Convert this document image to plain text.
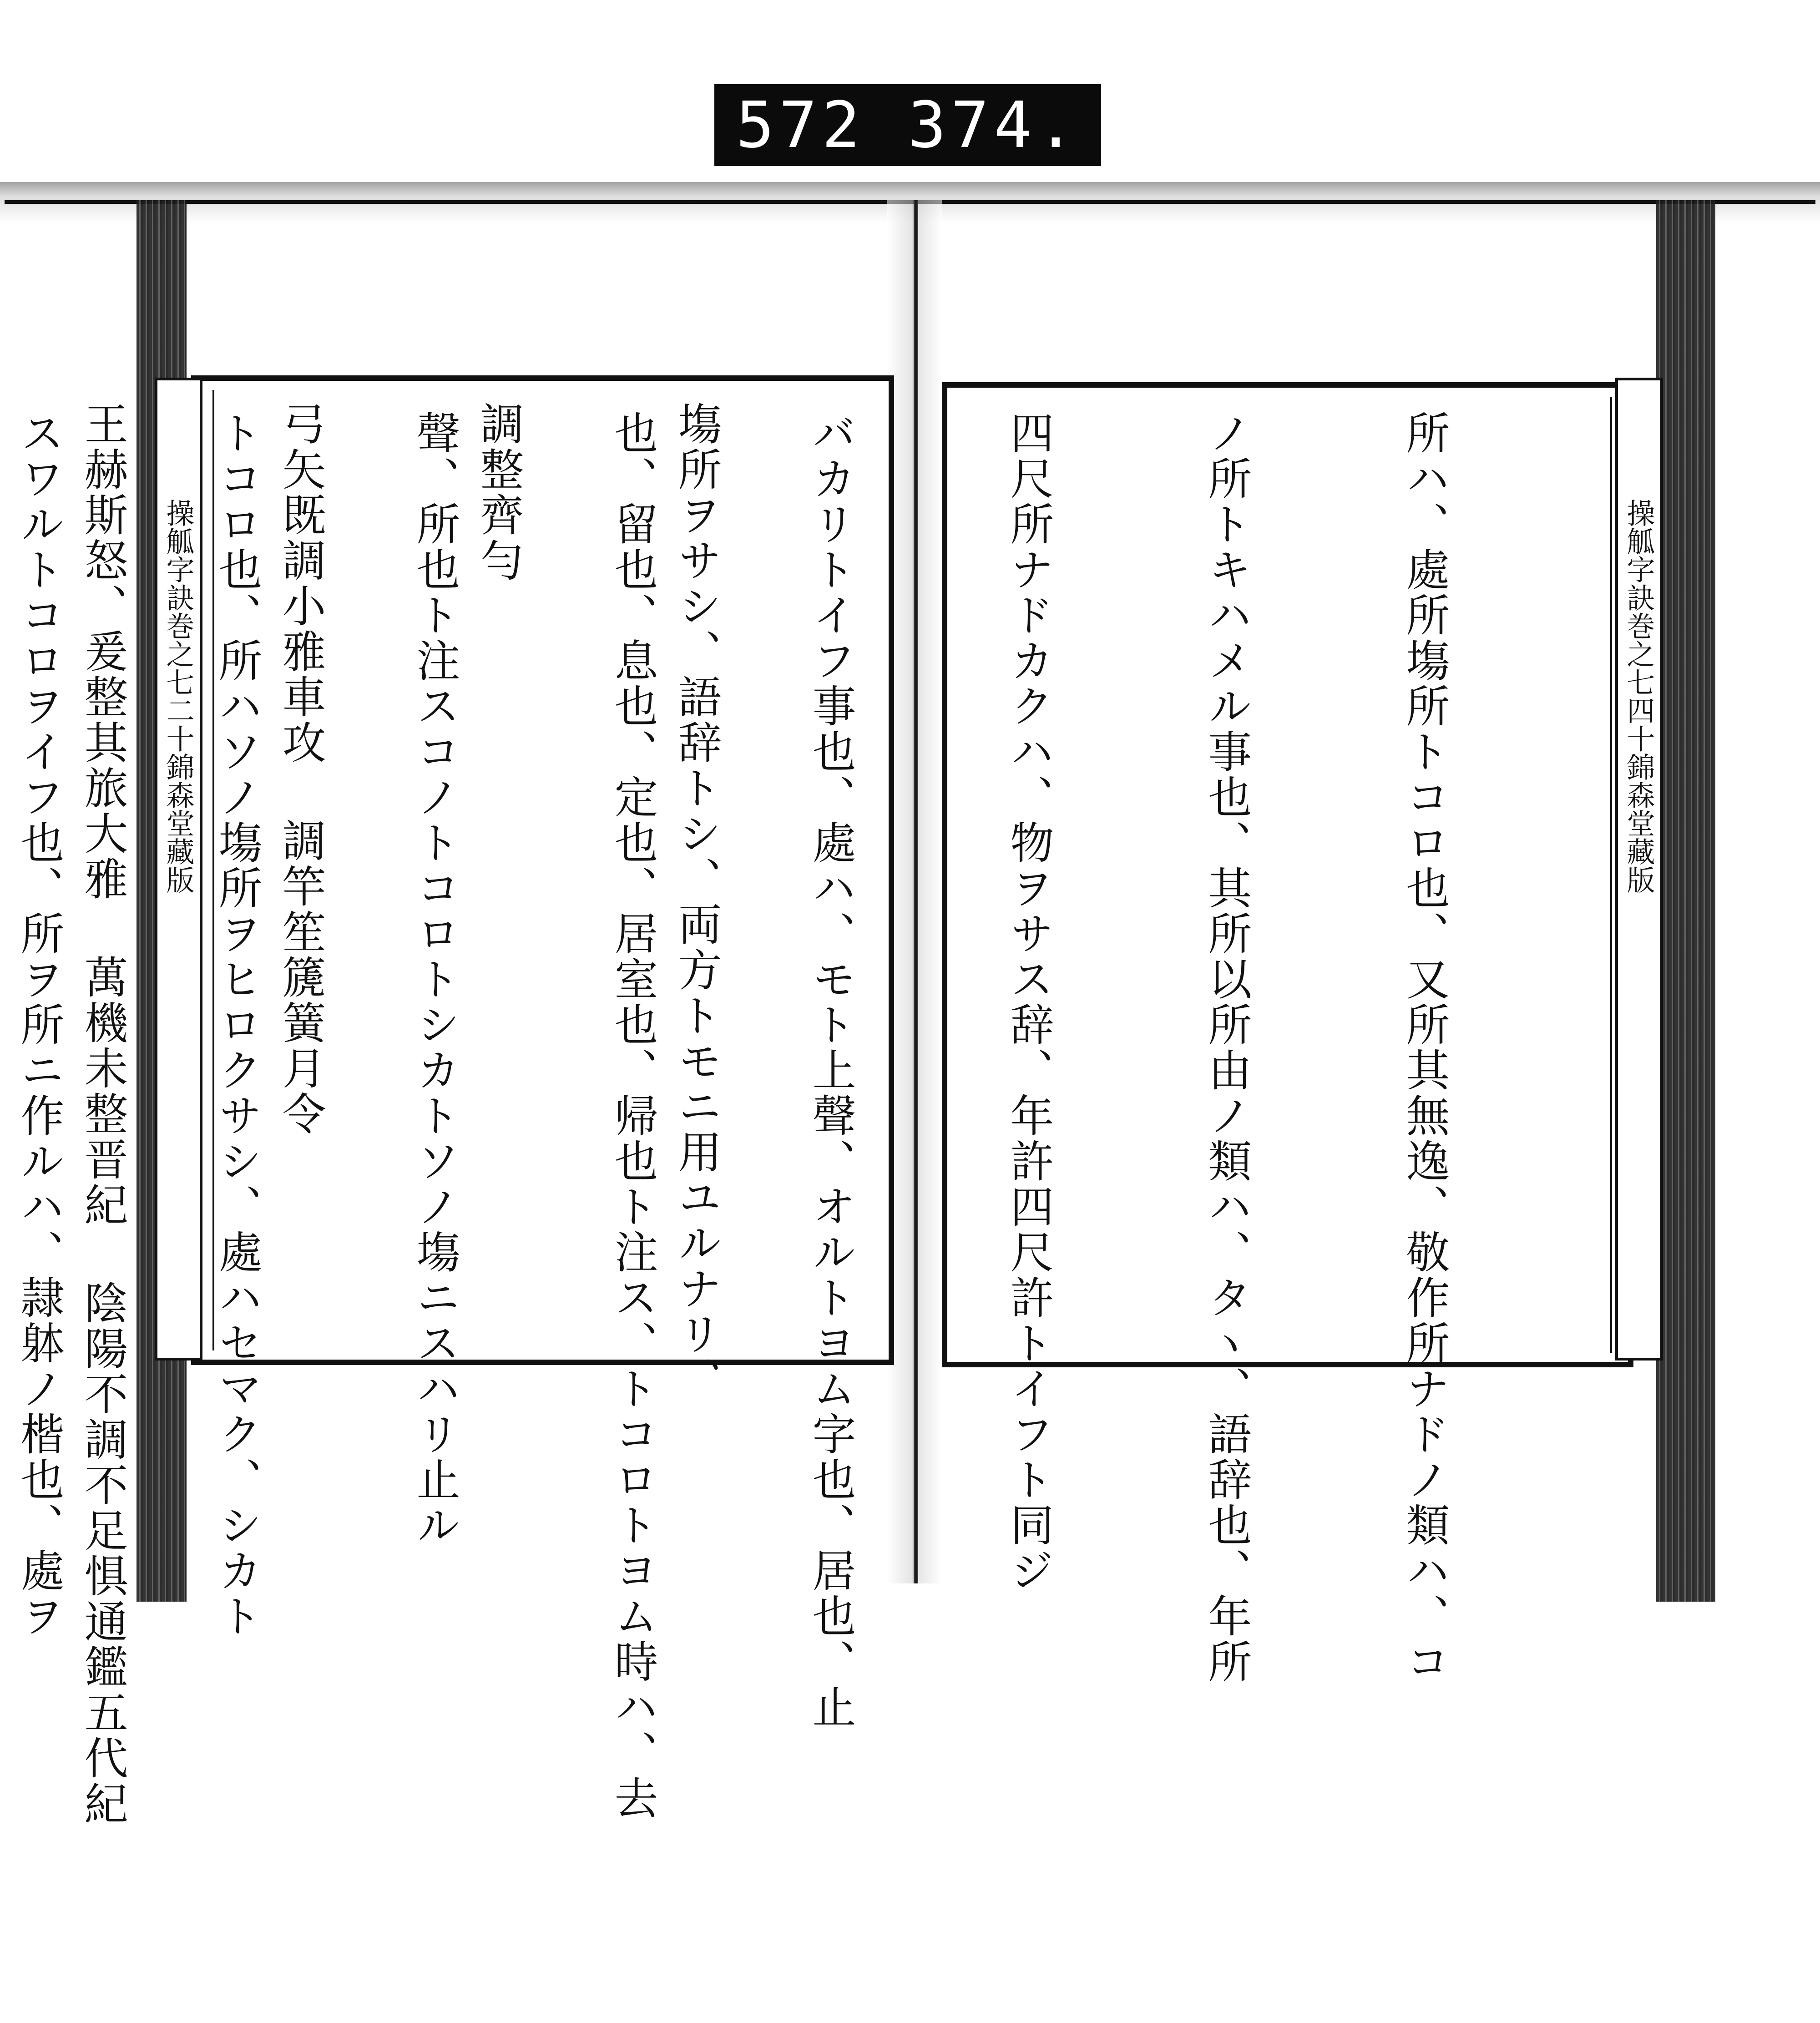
572 374.

塲所ヲサシ、語辞トシ、両方トモニ用ユルナリ、

調整齊勻

弓矢既調小雅車攻 調竿笙篪簧月令

王赫斯怒、爰整其旅大雅 萬機未整晋紀 陰陽不調不足惧通鑑五代紀

操觚字訣巻之七
二十
錦森堂藏版

	所ハ、處所塲所トコロ也、又所其無逸、敬作所ナドノ類ハ、コ

ノ所トキハメル事也、其所以所由ノ類ハ、タヽ、語辞也、年所

四尺所ナドカクハ、物ヲサス辞、年許四尺許トイフト同ジ

バカリトイフ事也、處ハ、モト上聲、オルトヨム字也、居也、止

也、留也、息也、定也、居室也、帰也ト注ス、トコロトヨム時ハ、去

聲、所也ト注スコノトコロトシカトソノ塲ニスハリ止ル

トコロ也、所ハソノ塲所ヲヒロクサシ、處ハセマク、シカト

スワルトコロヲイフ也、所ヲ所ニ作ルハ、隷躰ノ楷也、處ヲ

	操觚字訣巻之七
四十
錦森堂藏版
